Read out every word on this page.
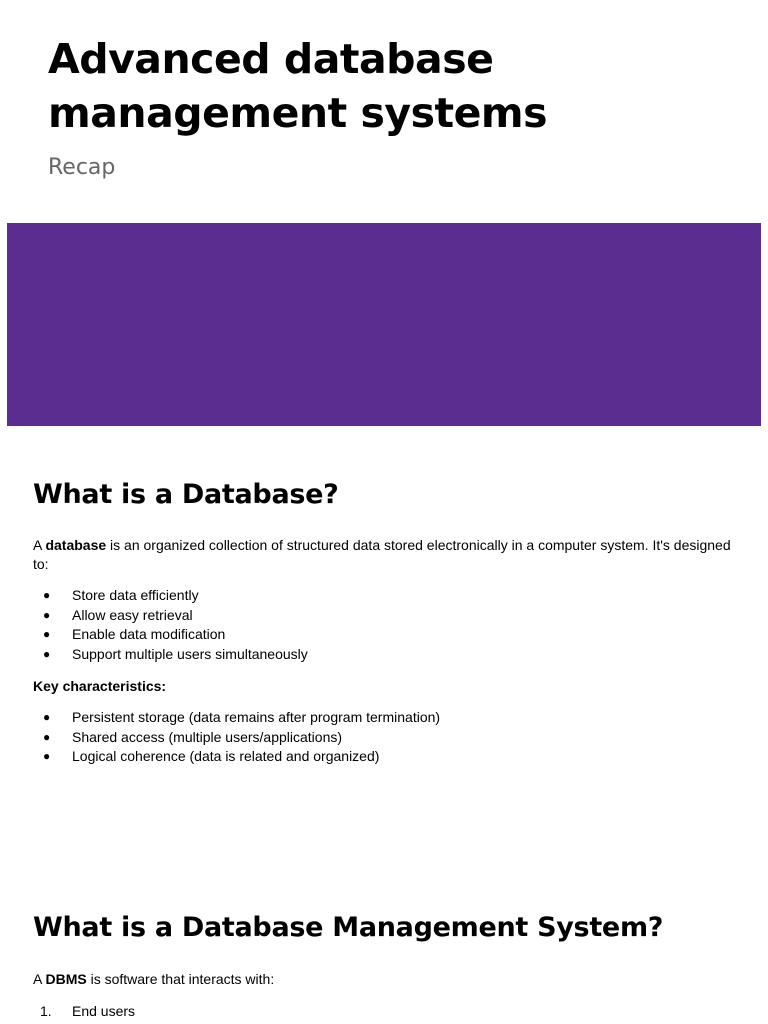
Advanced database management systems

Recap

What is a Database?

A database is an organized collection of structured data stored electronically in a computer system. It's designed to:

● Store data efficiently
● Allow easy retrieval
● Enable data modification
● Support multiple users simultaneously

Key characteristics:

● Persistent storage (data remains after program termination)
● Shared access (multiple users/applications)
● Logical coherence (data is related and organized)
What is a Database Management System?

A DBMS is software that interacts with:

1. End users
